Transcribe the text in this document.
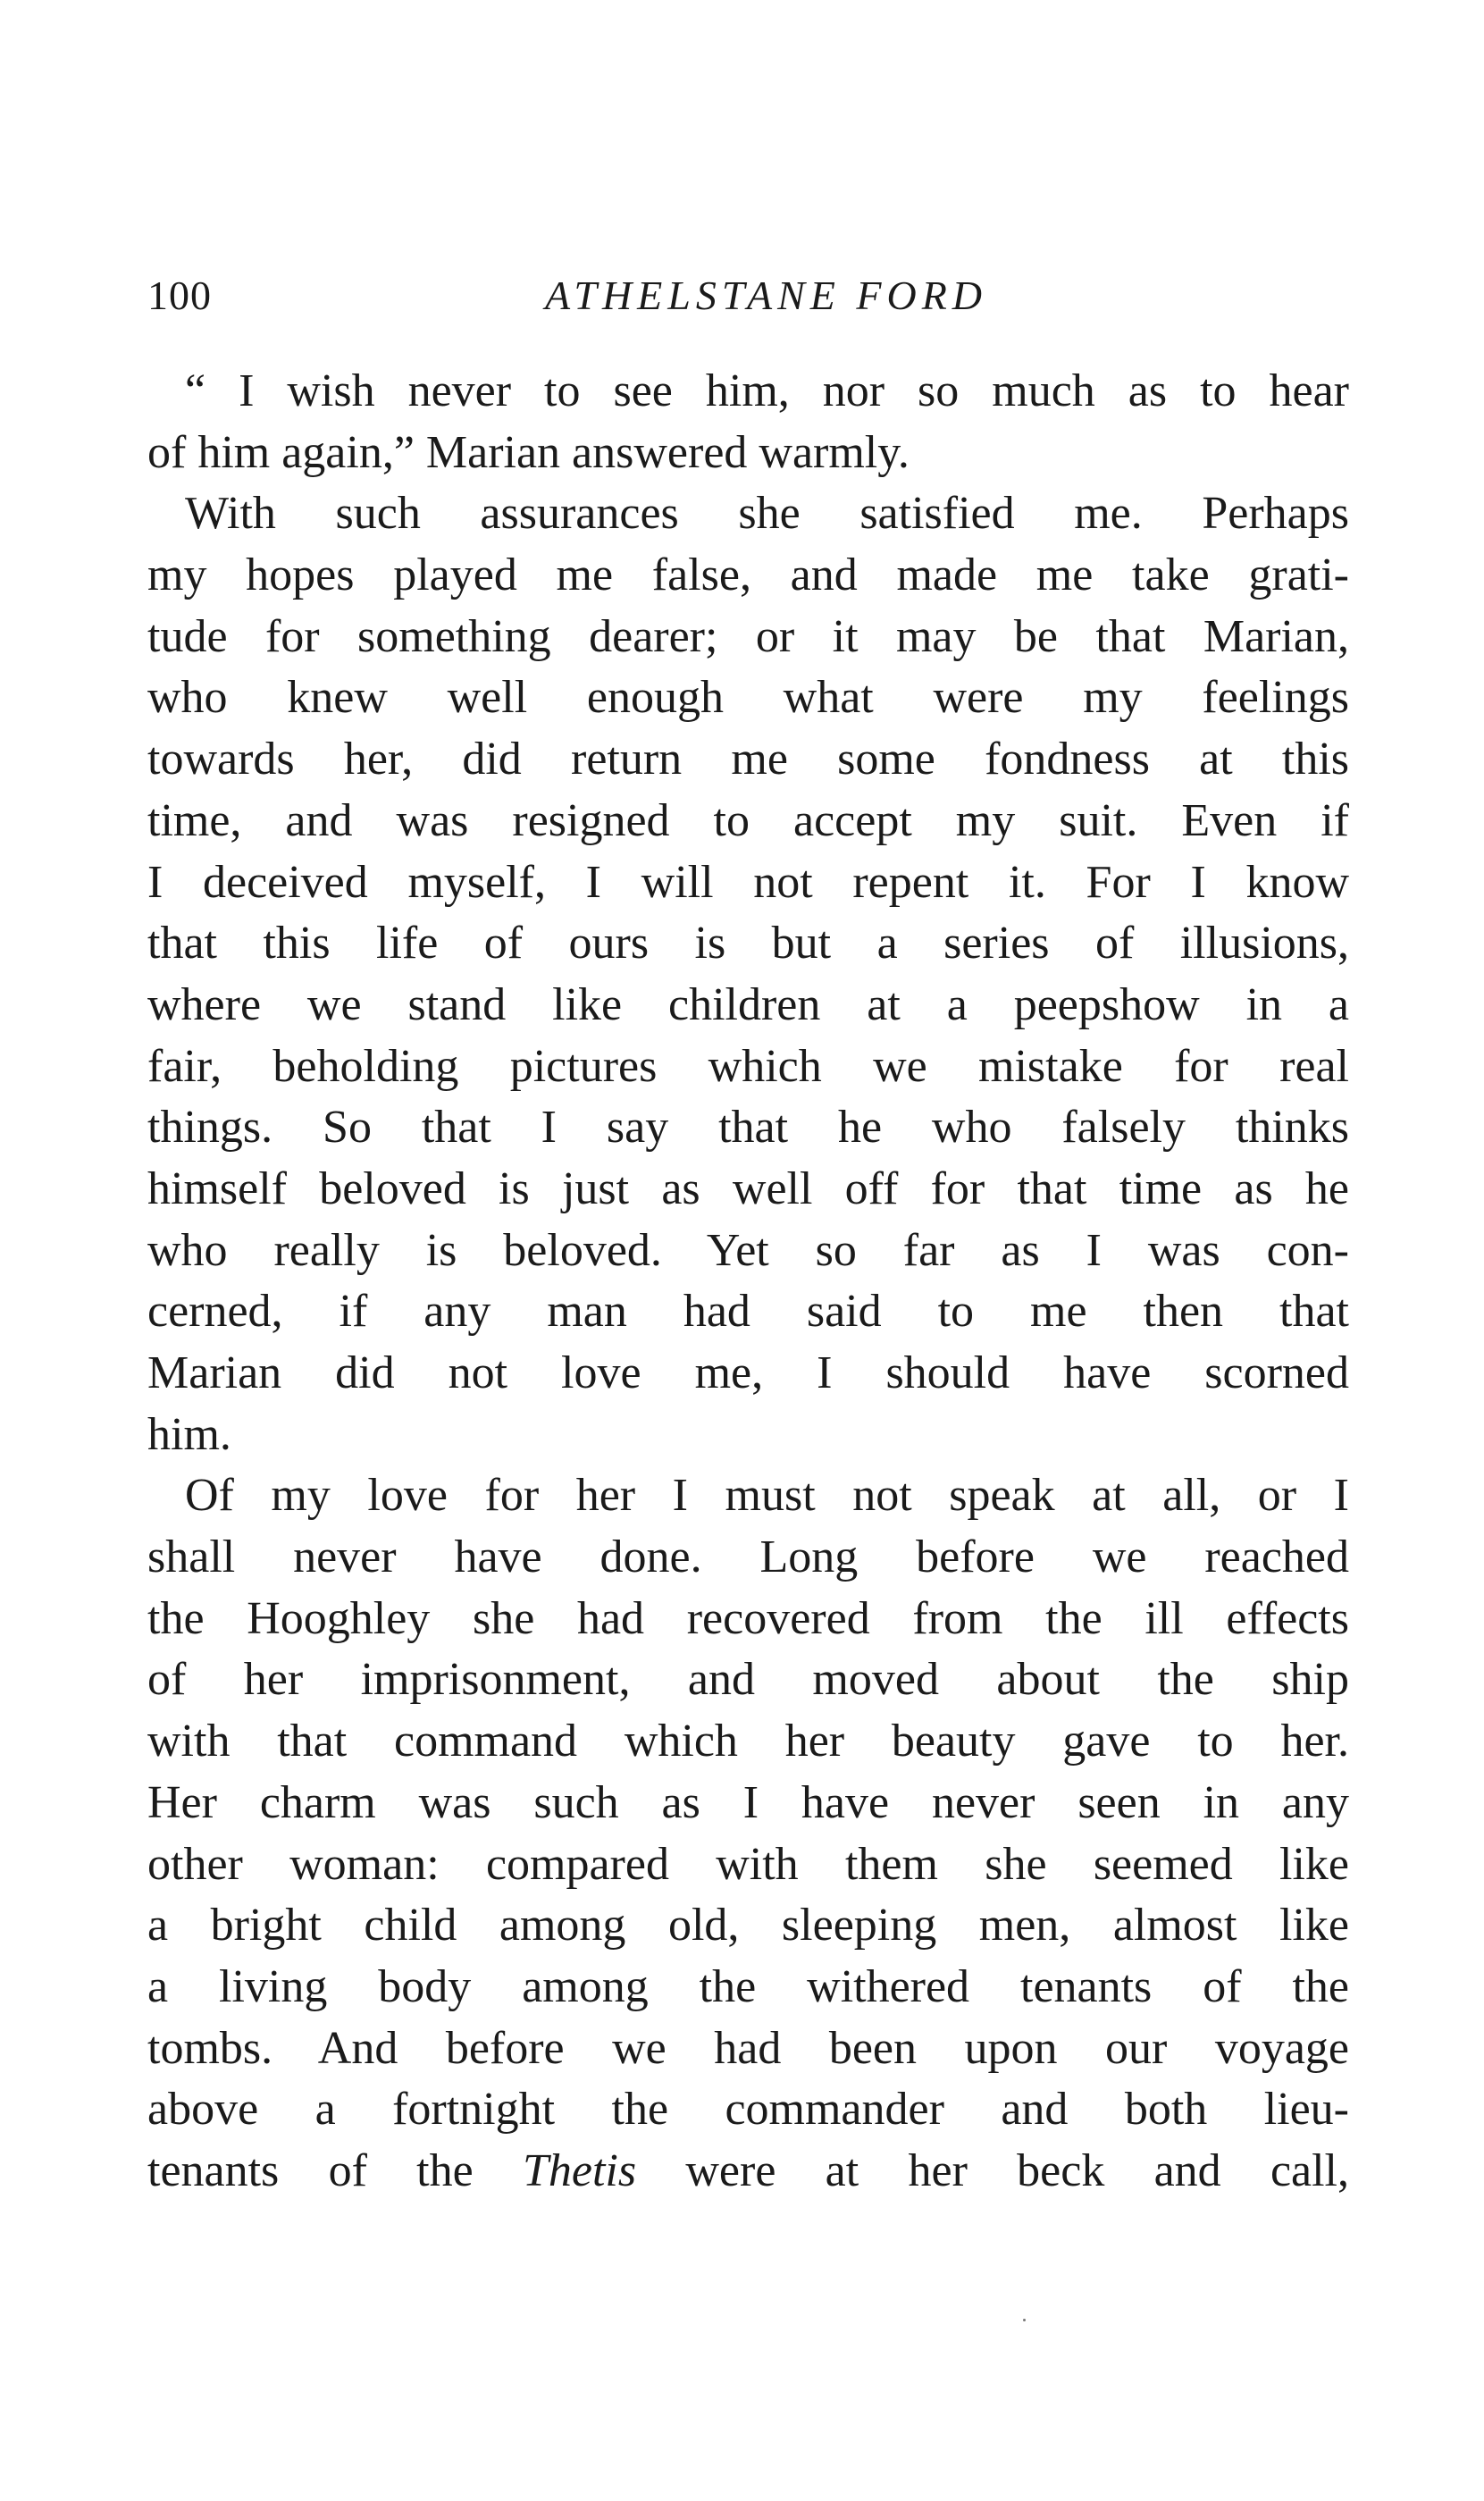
100	ATHELSTANE FORD
“ I wish never to see him, nor so much as to hear
of him again,” Marian answered warmly.
With such assurances she satisfied me. Perhaps
my hopes played me false, and made me take grati-
tude for something dearer; or it may be that Marian,
who knew well enough what were my feelings
towards her, did return me some fondness at this
time, and was resigned to accept my suit. Even if
I deceived myself, I will not repent it. For I know
that this life of ours is but a series of illusions,
where we stand like children at a peepshow in a
fair, beholding pictures which we mistake for real
things. So that I say that he who falsely thinks
himself beloved is just as well off for that time as he
who really is beloved. Yet so far as I was con-
cerned, if any man had said to me then that
Marian did not love me, I should have scorned
him.
Of my love for her I must not speak at all, or I
shall never have done. Long before we reached
the Hooghley she had recovered from the ill effects
of her imprisonment, and moved about the ship
with that command which her beauty gave to her.
Her charm was such as I have never seen in any
other woman: compared with them she seemed like
a bright child among old, sleeping men, almost like
a living body among the withered tenants of the
tombs. And before we had been upon our voyage
above a fortnight the commander and both lieu-
tenants of the Thetis were at her beck and call,
